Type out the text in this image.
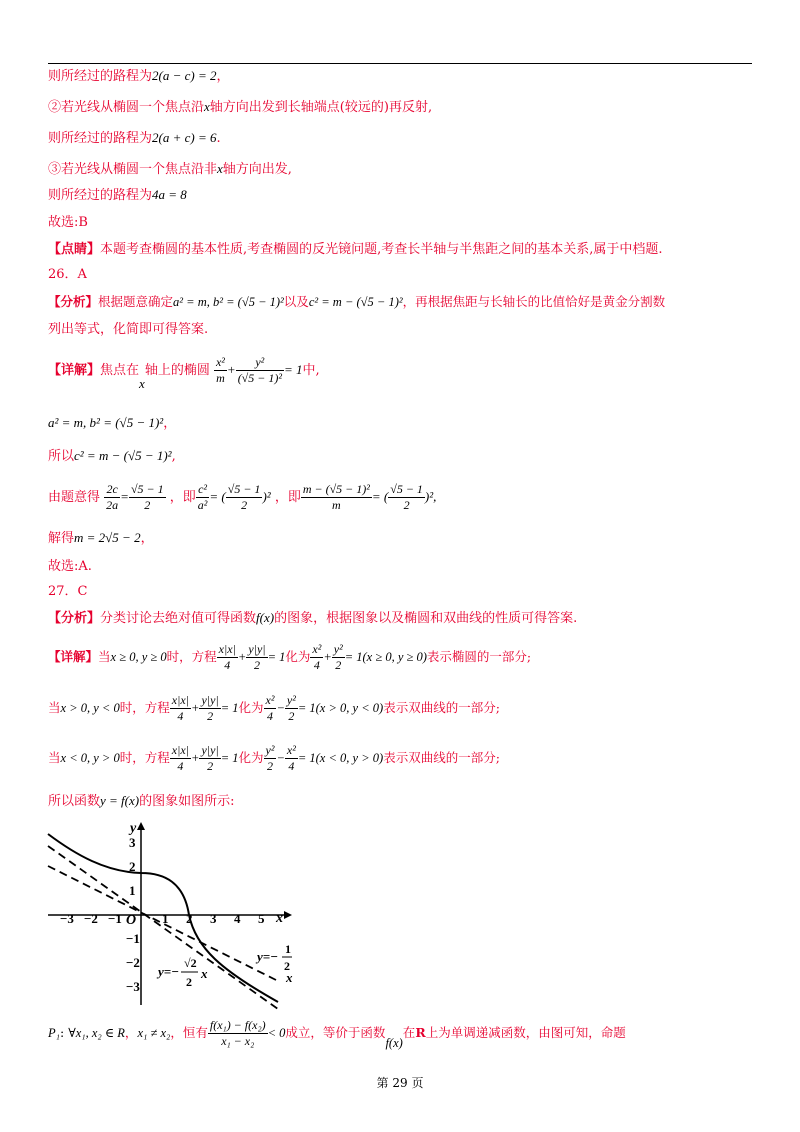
则所经过的路程为2(a − c) = 2，
②若光线从椭圆一个焦点沿x轴方向出发到长轴端点(较远的)再反射,
则所经过的路程为2(a + c) = 6.
③若光线从椭圆一个焦点沿非x轴方向出发,
则所经过的路程为4a = 8
故选:B
【点睛】本题考查椭圆的基本性质,考查椭圆的反光镜问题,考查长半轴与半焦距之间的基本关系,属于中档题.
26．A
【分析】根据题意确定a² = m, b² = (√5 − 1)²以及c² = m − (√5 − 1)²，再根据焦距与长轴长的比值恰好是黄金分割数
列出等式，化简即可得答案.
【详解】焦点在x轴上的椭圆 $\frac{\text{x²}}{m} + \frac{\text{y²}}{\text{(√5 − 1)²}} = 1$中,
a² = m, b² = (√5 − 1)²，
所以c² = m − (√5 − 1)²,
由题意得 $\frac{2c}{2a} = \frac{√5 - 1}{2}$ ，即 $\frac{\text{c²}}{\text{a²}}$ = ( $\frac{√5 - 1}{2} )^2$ ，即 $\frac{\text{m − (√5 − 1)²}}{m}$ = ( $\frac{√5 - 1}{2} )^2$,
解得m = 2√5 − 2，
故选:A.
27．C
【分析】分类讨论去绝对值可得函数f(x)的图象，根据图象以及椭圆和双曲线的性质可得答案.
【详解】当x ≥ 0, y ≥ 0时，方程 $\frac{x|x|}{4} + \frac{y|y|}{2} = 1$化为 $\frac{\text{x²}}{4} + \frac{\text{y²}}{2} = 1(x \ge 0$, y ≥ 0)表示椭圆的一部分;
当x > 0, y < 0时，方程 $\frac{x|x|}{4} + \frac{y|y|}{2} = 1$化为 $\frac{\text{x²}}{4} - \frac{\text{y²}}{2} = 1(x > 0$, y < 0)表示双曲线的一部分;
当x < 0, y > 0时，方程 $\frac{x|x|}{4} + \frac{y|y|}{2} = 1$化为 $\frac{\text{y²}}{2} - \frac{\text{x²}}{4} = 1(x < 0$, y > 0)表示双曲线的一部分;
所以函数y = f(x)的图象如图所示:
y
x
O
−3 −2 −1	1 2 3 4 5
3
2
1
−1
−2
−3
y=−
√2
2
x
y=− 1
2
x
P₁: ∀x₁, x₂ ∈ R，x₁ ≠ x₂，恒有 $\frac{\text{f(x₁) − f(x₂)}}{\text{x₁ − x₂}} < 0$成立，等价于函数f(x)在R上为单调递减函数，由图可知，命题
第 29 页
